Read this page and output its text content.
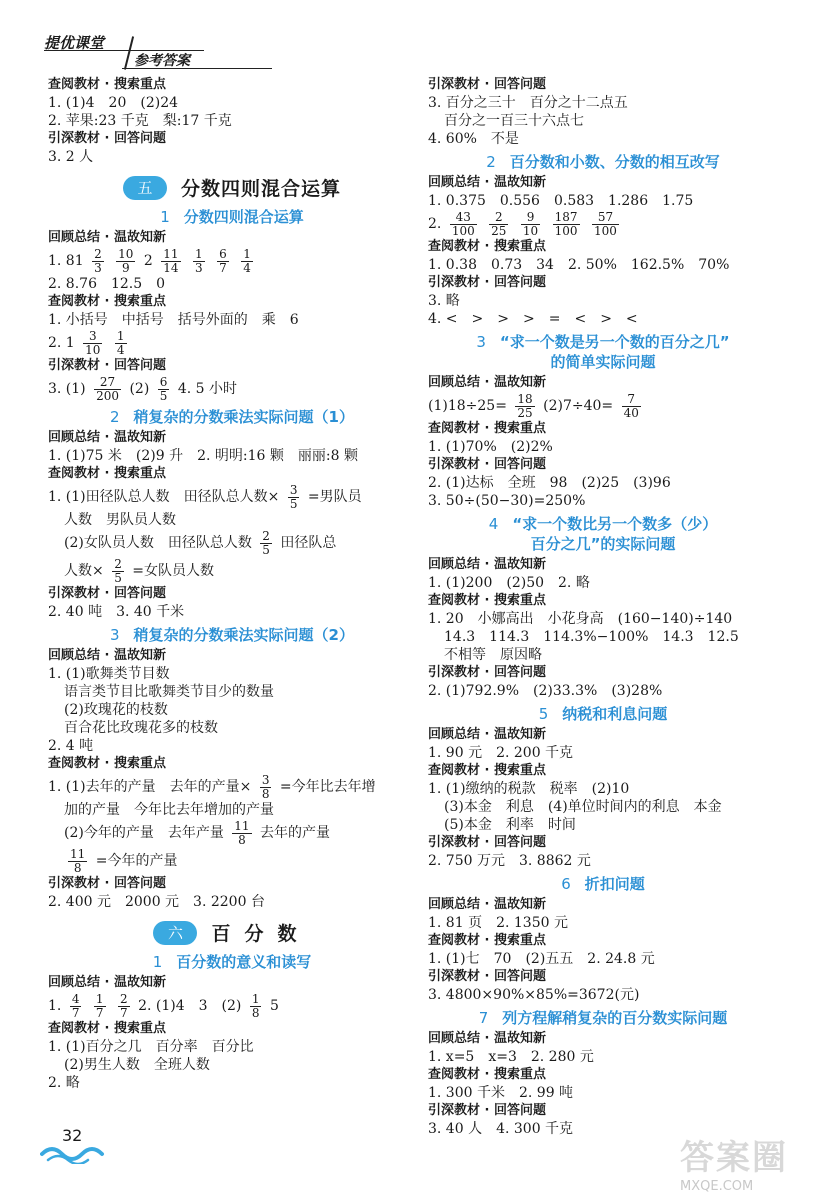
提优课堂
参考答案

查阅教材 · 搜索重点

1. (1)4　20　(2)24

2. 苹果:23 千克　梨:17 千克

引深教材 · 回答问题

3. 2 人

五	分数四则混合运算
1 分数四则混合运算

回顾总结 · 温故知新

1. $81 \frac{2}{3}$
$\frac{10}{9} 2 \frac{11}{14}$
$\frac{1}{3}$
$\frac{6}{7}$
$\frac{1}{4}$

2. 8.76　12.5　0

查阅教材 · 搜索重点

1. 小括号　中括号　括号外面的　乘　6

2. $1 \frac{3}{10}$
$\frac{1}{4}$

引深教材 · 回答问题

3. $(1) \frac{27}{200} (2) \frac{6}{5} 4$. 5 小时

2 稍复杂的分数乘法实际问题（1）

回顾总结 · 温故知新

1. (1)75 米　(2)9 升　2. 明明:16 颗　丽丽:8 颗

查阅教材 · 搜索重点

1. (1)田径队总人数　田径队总人数× $\frac{3}{5}$ =男队员

人数　男队员人数

(2)女队员人数　田径队总人数 $\frac{2}{5}$ 田径队总

人数× $\frac{2}{5}$ =女队员人数

引深教材 · 回答问题

2. 40 吨　3. 40 千米

3 稍复杂的分数乘法实际问题（2）

回顾总结 · 温故知新

1. (1)歌舞类节目数

语言类节目比歌舞类节目少的数量

(2)玫瑰花的枝数

百合花比玫瑰花多的枝数

2. 4 吨

查阅教材 · 搜索重点

1. (1)去年的产量　去年的产量× $\frac{3}{8}$ =今年比去年增

加的产量　今年比去年增加的产量

(2)今年的产量　去年产量 $\frac{11}{8}$ 去年的产量

$\frac{11}{8}$ =今年的产量

引深教材 · 回答问题

2. 400 元　2000 元　3. 2200 台

六	百分数
1 百分数的意义和读写

回顾总结 · 温故知新

1. $\frac{4}{7}$
$\frac{1}{7}$
$\frac{2}{7} 2$. (1)4　3　$(2) \frac{1}{8} 5$

查阅教材 · 搜索重点

1. (1)百分之几　百分率　百分比

(2)男生人数　全班人数

2. 略

引深教材 · 回答问题

3. 百分之三十　百分之十二点五

百分之一百三十六点七

4. 60%　不是

2 百分数和小数、分数的相互改写

回顾总结 · 温故知新

1. 0.375　0.556　0.583　1.286　1.75

2. $\frac{43}{100}$
$\frac{2}{25}$
$\frac{9}{10}$
$\frac{187}{100}$
$\frac{57}{100}$

查阅教材 · 搜索重点

1. 0.38　0.73　34　2. 50%　162.5%　70%

引深教材 · 回答问题

3. 略

4. <　>　>　>　=　<　>　<

3 “求一个数是另一个数的百分之几”
的简单实际问题

回顾总结 · 温故知新

$(1)18\div 25= \frac{18}{25} (2)7\div 40= \frac{7}{40}$

查阅教材 · 搜索重点

1. (1)70%　(2)2%

引深教材 · 回答问题

2. (1)达标　全班　98　(2)25　(3)96

3. 50÷(50−30)=250%

4 “求一个数比另一个数多（少）
百分之几”的实际问题

回顾总结 · 温故知新

1. (1)200　(2)50　2. 略

查阅教材 · 搜索重点

1. 20　小娜高出　小花身高　(160−140)÷140

14.3　114.3　114.3%−100%　14.3　12.5

不相等　原因略

引深教材 · 回答问题

2. (1)792.9%　(2)33.3%　(3)28%

5 纳税和利息问题

回顾总结 · 温故知新

1. 90 元　2. 200 千克

查阅教材 · 搜索重点

1. (1)缴纳的税款　税率　(2)10

(3)本金　利息　(4)单位时间内的利息　本金

(5)本金　利率　时间

引深教材 · 回答问题

2. 750 万元　3. 8862 元

6 折扣问题

回顾总结 · 温故知新

1. 81 页　2. 1350 元

查阅教材 · 搜索重点

1. (1)七　70　(2)五五　2. 24.8 元

引深教材 · 回答问题

3. 4800×90%×85%=3672(元)

7 列方程解稍复杂的百分数实际问题

回顾总结 · 温故知新

1. x=5　x=3　2. 280 元

查阅教材 · 搜索重点

1. 300 千米　2. 99 吨

引深教材 · 回答问题

3. 40 人　4. 300 千克

32
答案圈
MXQE.COM
